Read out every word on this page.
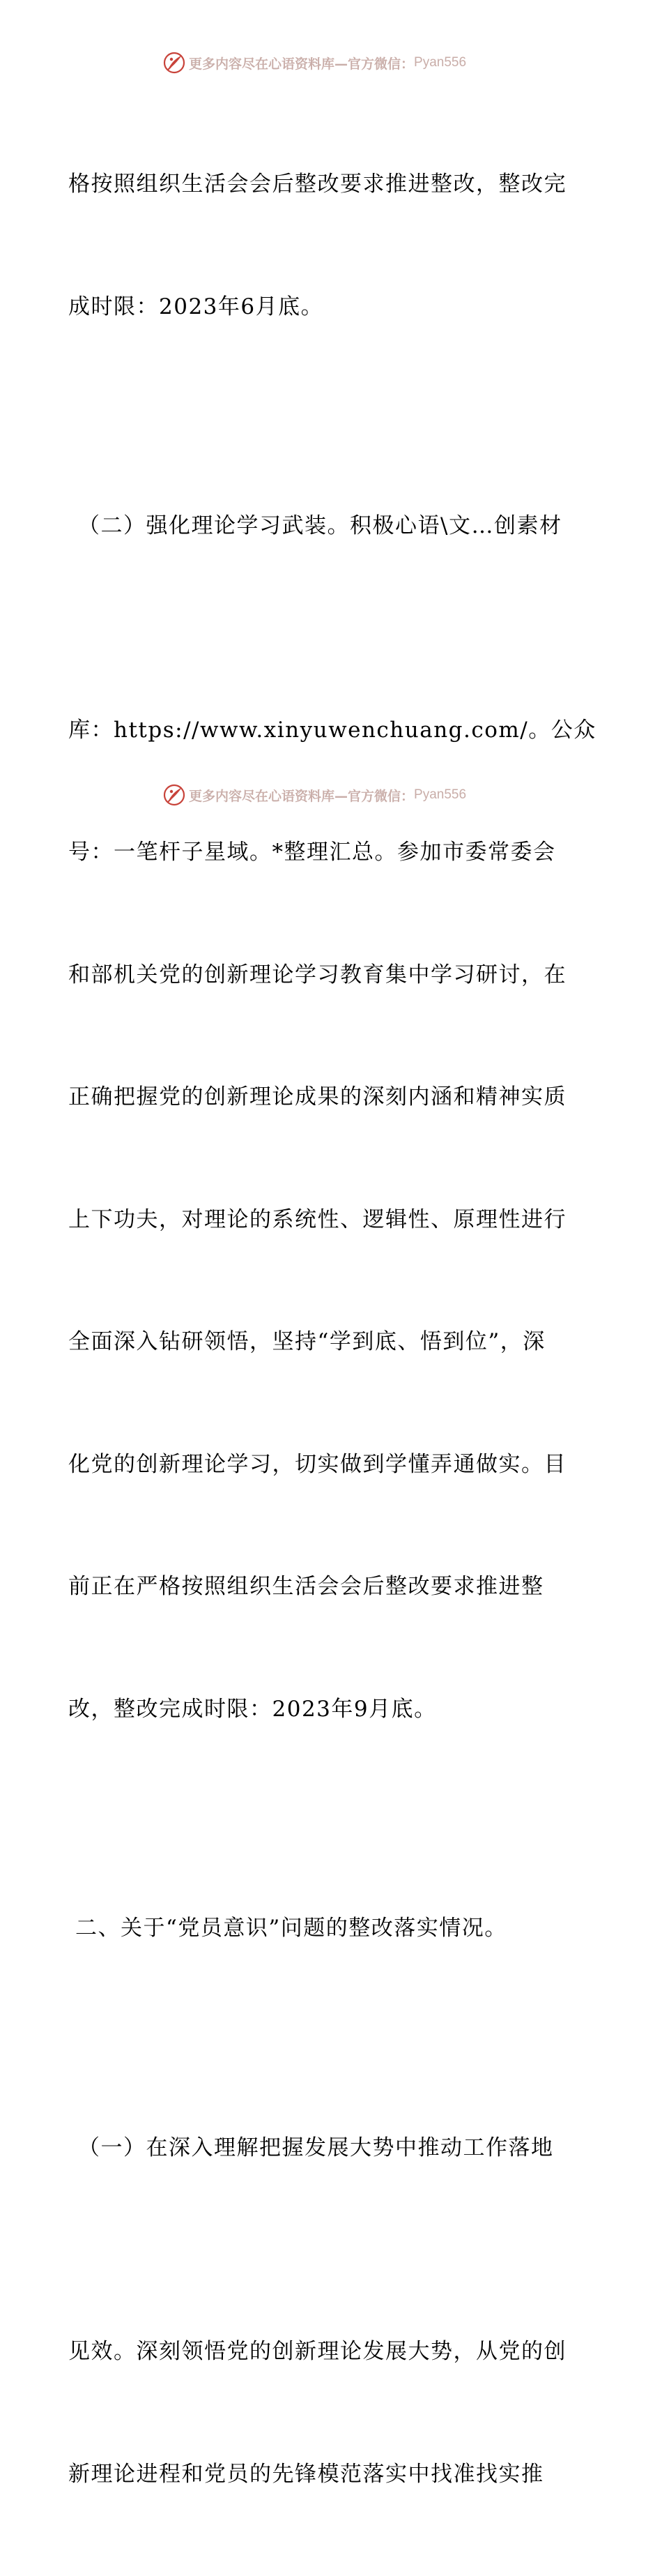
更多内容尽在心语资料库—官方微信： Pyan556

格按照组织生活会会后整改要求推进整改，整改完

成时限：2023年6月底。

（二）强化理论学习武装。积极心语\文…创素材

库：https://www.xinyuwenchuang.com/。公众

号：一笔杆子星域。*整理汇总。参加市委常委会

和部机关党的创新理论学习教育集中学习研讨，在

正确把握党的创新理论成果的深刻内涵和精神实质

上下功夫，对理论的系统性、逻辑性、原理性进行

全面深入钻研领悟，坚持“学到底、悟到位”，深

化党的创新理论学习，切实做到学懂弄通做实。目

前正在严格按照组织生活会会后整改要求推进整

改，整改完成时限：2023年9月底。

二、关于“党员意识”问题的整改落实情况。

（一）在深入理解把握发展大势中推动工作落地

见效。深刻领悟党的创新理论发展大势，从党的创

新理论进程和党员的先锋模范落实中找准找实推

更多内容尽在心语资料库—官方微信： Pyan556
